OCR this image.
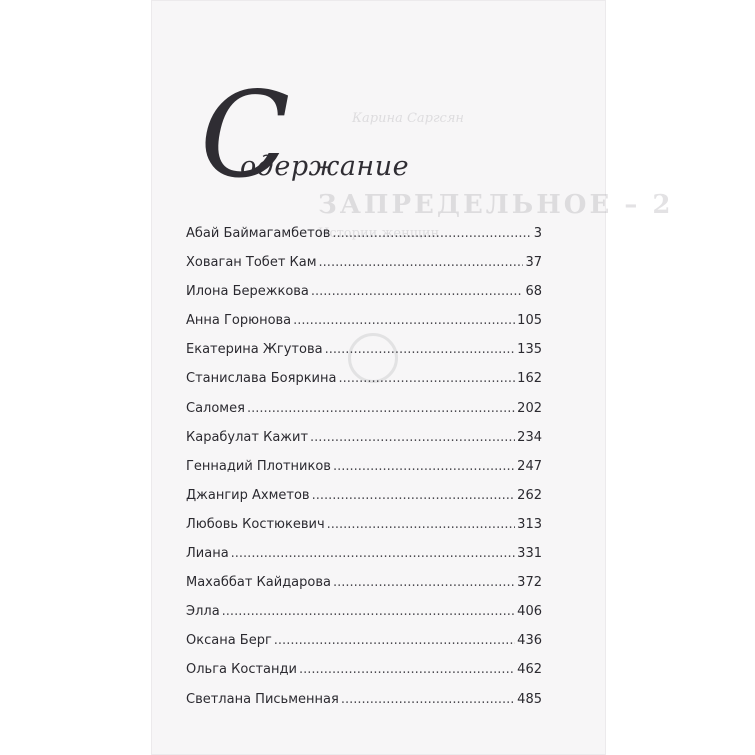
Карина Саргсян
ЗАПРЕДЕЛЬНОЕ – 2
Истории женщин
С
одержание
Абай Баймагамбетов .....	3
Ховаган Тобет Кам .....	37
Илона Бережкова .....	68
Анна Горюнова .....	105
Екатерина Жгутова .....	135
Станислава Бояркина .....	162
Саломея .....	202
Карабулат Кажит .....	234
Геннадий Плотников .....	247
Джангир Ахметов .....	262
Любовь Костюкевич .....	313
Лиана .....	331
Махаббат Кайдарова .....	372
Элла .....	406
Оксана Берг .....	436
Ольга Костанди .....	462
Светлана Письменная .....	485
